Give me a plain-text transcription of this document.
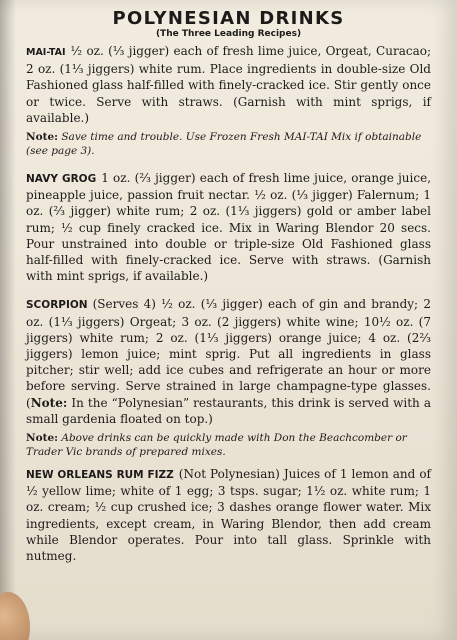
POLYNESIAN DRINKS
(The Three Leading Recipes)

MAI-TAI ½ oz. (⅓ jigger) each of fresh lime juice, Orgeat, Curacao; 2 oz. (1⅓ jiggers) white rum. Place ingredients in double-size Old Fashioned glass half-filled with finely-cracked ice. Stir gently once or twice. Serve with straws. (Garnish with mint sprigs, if available.)

Note: Save time and trouble. Use Frozen Fresh MAI-TAI Mix if obtainable (see page 3).

NAVY GROG 1 oz. (⅔ jigger) each of fresh lime juice, orange juice, pineapple juice, passion fruit nectar. ½ oz. (⅓ jigger) Falernum; 1 oz. (⅔ jigger) white rum; 2 oz. (1⅓ jiggers) gold or amber label rum; ½ cup finely cracked ice. Mix in Waring Blendor 20 secs. Pour unstrained into double or triple-size Old Fashioned glass half-filled with finely-cracked ice. Serve with straws. (Garnish with mint sprigs, if available.)

SCORPION (Serves 4) ½ oz. (⅓ jigger) each of gin and brandy; 2 oz. (1⅓ jiggers) Orgeat; 3 oz. (2 jiggers) white wine; 10½ oz. (7 jiggers) white rum; 2 oz. (1⅓ jiggers) orange juice; 4 oz. (2⅔ jiggers) lemon juice; mint sprig. Put all ingredients in glass pitcher; stir well; add ice cubes and refrigerate an hour or more before serving. Serve strained in large champagne-type glasses. (Note: In the “Polynesian” restaurants, this drink is served with a small gardenia floated on top.)

Note: Above drinks can be quickly made with Don the Beachcomber or Trader Vic brands of prepared mixes.

NEW ORLEANS RUM FIZZ (Not Polynesian) Juices of 1 lemon and of ½ yellow lime; white of 1 egg; 3 tsps. sugar; 1½ oz. white rum; 1 oz. cream; ½ cup crushed ice; 3 dashes orange flower water. Mix ingredients, except cream, in Waring Blendor, then add cream while Blendor operates. Pour into tall glass. Sprinkle with nutmeg.
